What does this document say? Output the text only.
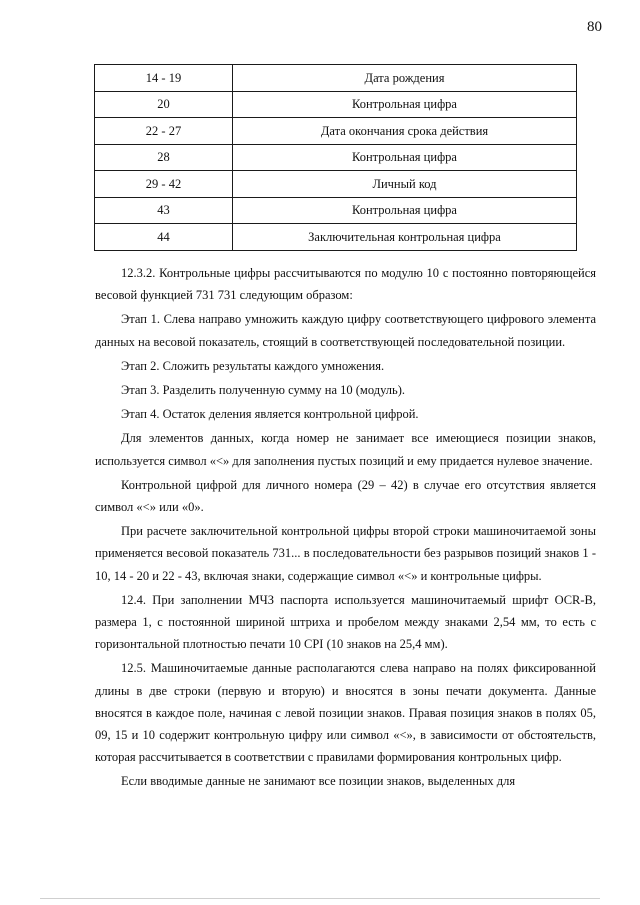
80
14 - 19	Дата рождения
20	Контрольная цифра
22 - 27	Дата окончания срока действия
28	Контрольная цифра
29 - 42	Личный код
43	Контрольная цифра
44	Заключительная контрольная цифра

12.3.2. Контрольные цифры рассчитываются по модулю 10 с постоянно повторяющейся весовой функцией 731 731 следующим образом:

Этап 1. Слева направо умножить каждую цифру соответствующего цифрового элемента данных на весовой показатель, стоящий в соответствующей последовательной позиции.

Этап 2. Сложить результаты каждого умножения.

Этап 3. Разделить полученную сумму на 10 (модуль).

Этап 4. Остаток деления является контрольной цифрой.

Для элементов данных, когда номер не занимает все имеющиеся позиции знаков, используется символ «<» для заполнения пустых позиций и ему придается нулевое значение.

Контрольной цифрой для личного номера (29 – 42) в случае его отсутствия является символ «<» или «0».

При расчете заключительной контрольной цифры второй строки машиночитаемой зоны применяется весовой показатель 731... в последовательности без разрывов позиций знаков 1 - 10, 14 - 20 и 22 - 43, включая знаки, содержащие символ «<» и контрольные цифры.

12.4. При заполнении МЧЗ паспорта используется машиночитаемый шрифт OCR-B, размера 1, с постоянной шириной штриха и пробелом между знаками 2,54 мм, то есть с горизонтальной плотностью печати 10 CPI (10 знаков на 25,4 мм).

12.5. Машиночитаемые данные располагаются слева направо на полях фиксированной длины в две строки (первую и вторую) и вносятся в зоны печати документа. Данные вносятся в каждое поле, начиная с левой позиции знаков. Правая позиция знаков в полях 05, 09, 15 и 10 содержит контрольную цифру или символ «<», в зависимости от обстоятельств, которая рассчитывается в соответствии с правилами формирования контрольных цифр.

Если вводимые данные не занимают все позиции знаков, выделенных для
